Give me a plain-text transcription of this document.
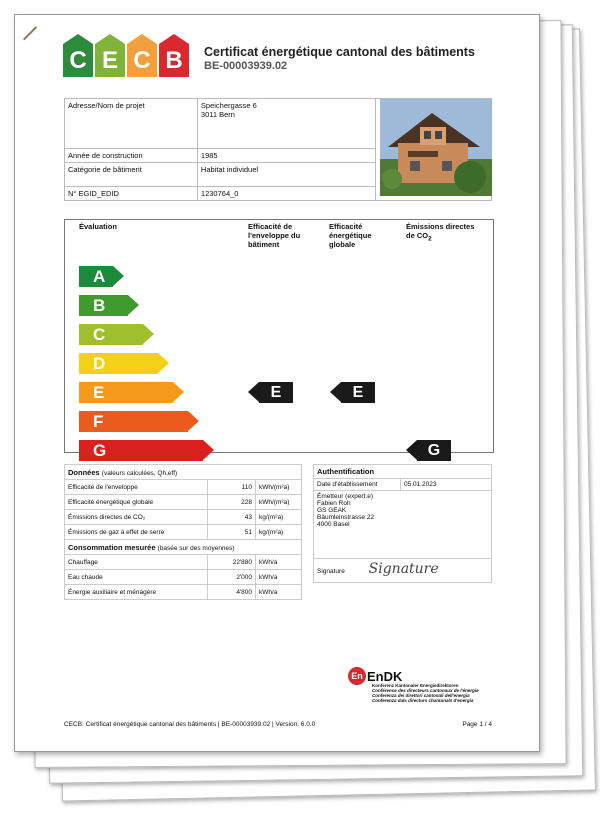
C E C B	Certificat énergétique cantonal des bâtiments
BE-00003939.02
Adresse/Nom de projet	Speichergasse 6
3011 Bern	

Année de construction	1985	
Catégorie de bâtiment	Habitat individuel	
N° EGID_EDID	1230764_0	
Évaluation	Efficacité de l'enveloppe du bâtiment
Efficacité énergétique globale
Émissions directes de $CO_2$
A
B
C
D
E
F
G
E	E
G
Données (valeurs calculées, Qh,eff)		
Efficacité de l'enveloppe	110	kWh/(m²a)
Efficacité énergétique globale	228	kWh/(m²a)
Émissions directes de CO₂	43	kg/(m²a)
Émissions de gaz à effet de serre	51	kg/(m²a)
Consommation mesurée (basée sur des moyennes)		
Chauffage	22'880	kWh/a
Eau chaude	2'000	kWh/a
Énergie auxiliaire et ménagère	4'800	kWh/a
Authentification
Date d'établissement	05.01.2023

Émetteur (expert.e)
Fabien Roh
GS GEAK
Bäumleinstrasse 22
4000 Basel

Signature Signature
En EnDK
Konferenz Kantonaler Energiedirektoren
Conférence des directeurs cantonaux de l'énergie
Conferenza dei direttori cantonali dell'energia
Conferenza dals directurs chantunals d'energia
CECB: Certificat énergétique cantonal des bâtiments | BE-00003939.02 | Version: 6.0.0	Page 1 / 4
